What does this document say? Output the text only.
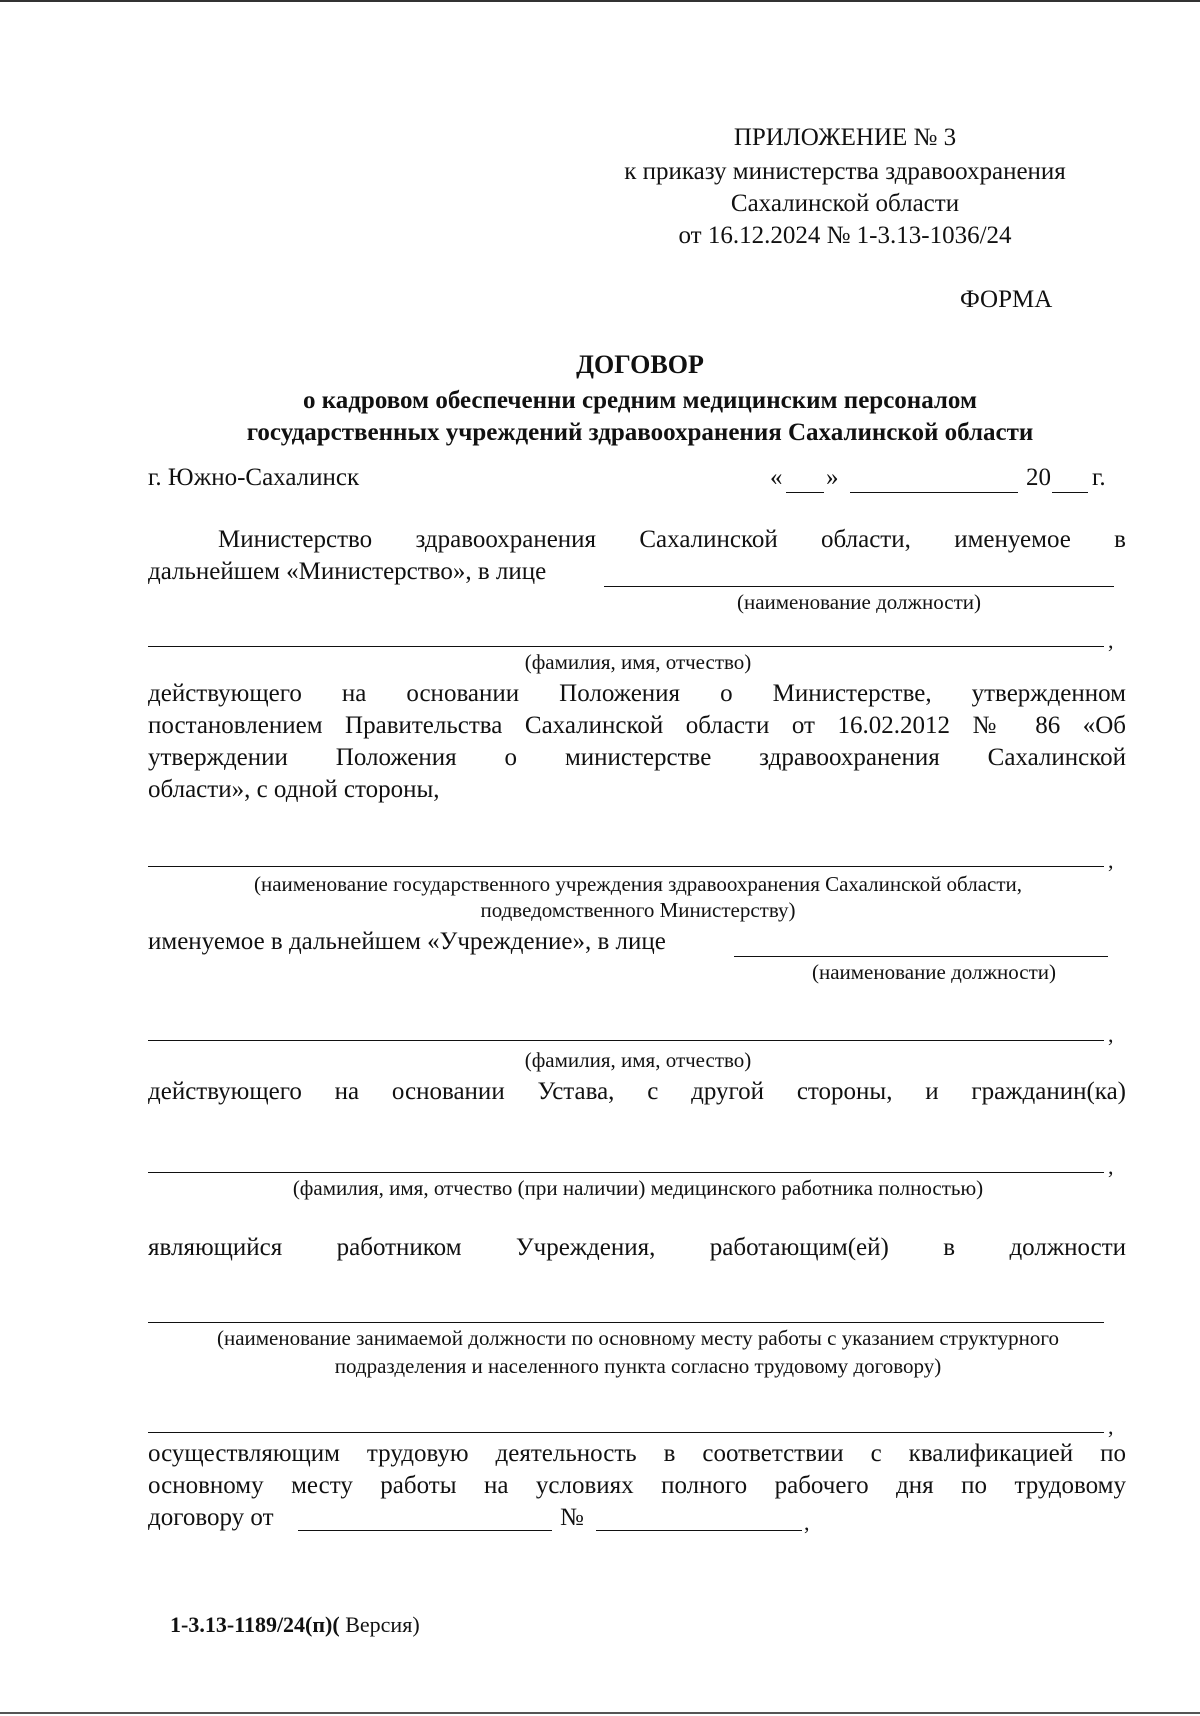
ПРИЛОЖЕНИЕ № 3
к приказу министерства здравоохранения
Сахалинской области
от 16.12.2024 № 1-3.13-1036/24
ФОРМА
ДОГОВОР
о кадровом обеспеченни средним медицинским персоналом
государственных учреждений здравоохранения Сахалинской области
г. Южно-Сахалинск	« »	20 г.
Министерство здравоохранения Сахалинской области, именуемое в
дальнейшем «Министерство», в лице
(наименование должности)
,
(фамилия, имя, отчество)
действующего на основании Положения о Министерстве, утвержденном
постановлением Правительства Сахалинской области от 16.02.2012 № 86 «Об
утверждении Положения о министерстве здравоохранения Сахалинской
области», с одной стороны,
,
(наименование государственного учреждения здравоохранения Сахалинской области,
подведомственного Министерству)
именуемое в дальнейшем «Учреждение», в лице
(наименование должности)
,
(фамилия, имя, отчество)
действующего на основании Устава, с другой стороны, и гражданин(ка)
,
(фамилия, имя, отчество (при наличии) медицинского работника полностью)
являющийся работником Учреждения, работающим(ей) в должности
(наименование занимаемой должности по основному месту работы с указанием структурного
подразделения и населенного пункта согласно трудовому договору)
,
осуществляющим трудовую деятельность в соответствии с квалификацией по
основному месту работы на условиях полного рабочего дня по трудовому
договору от	№	,
1-3.13-1189/24(п)( Версия)
